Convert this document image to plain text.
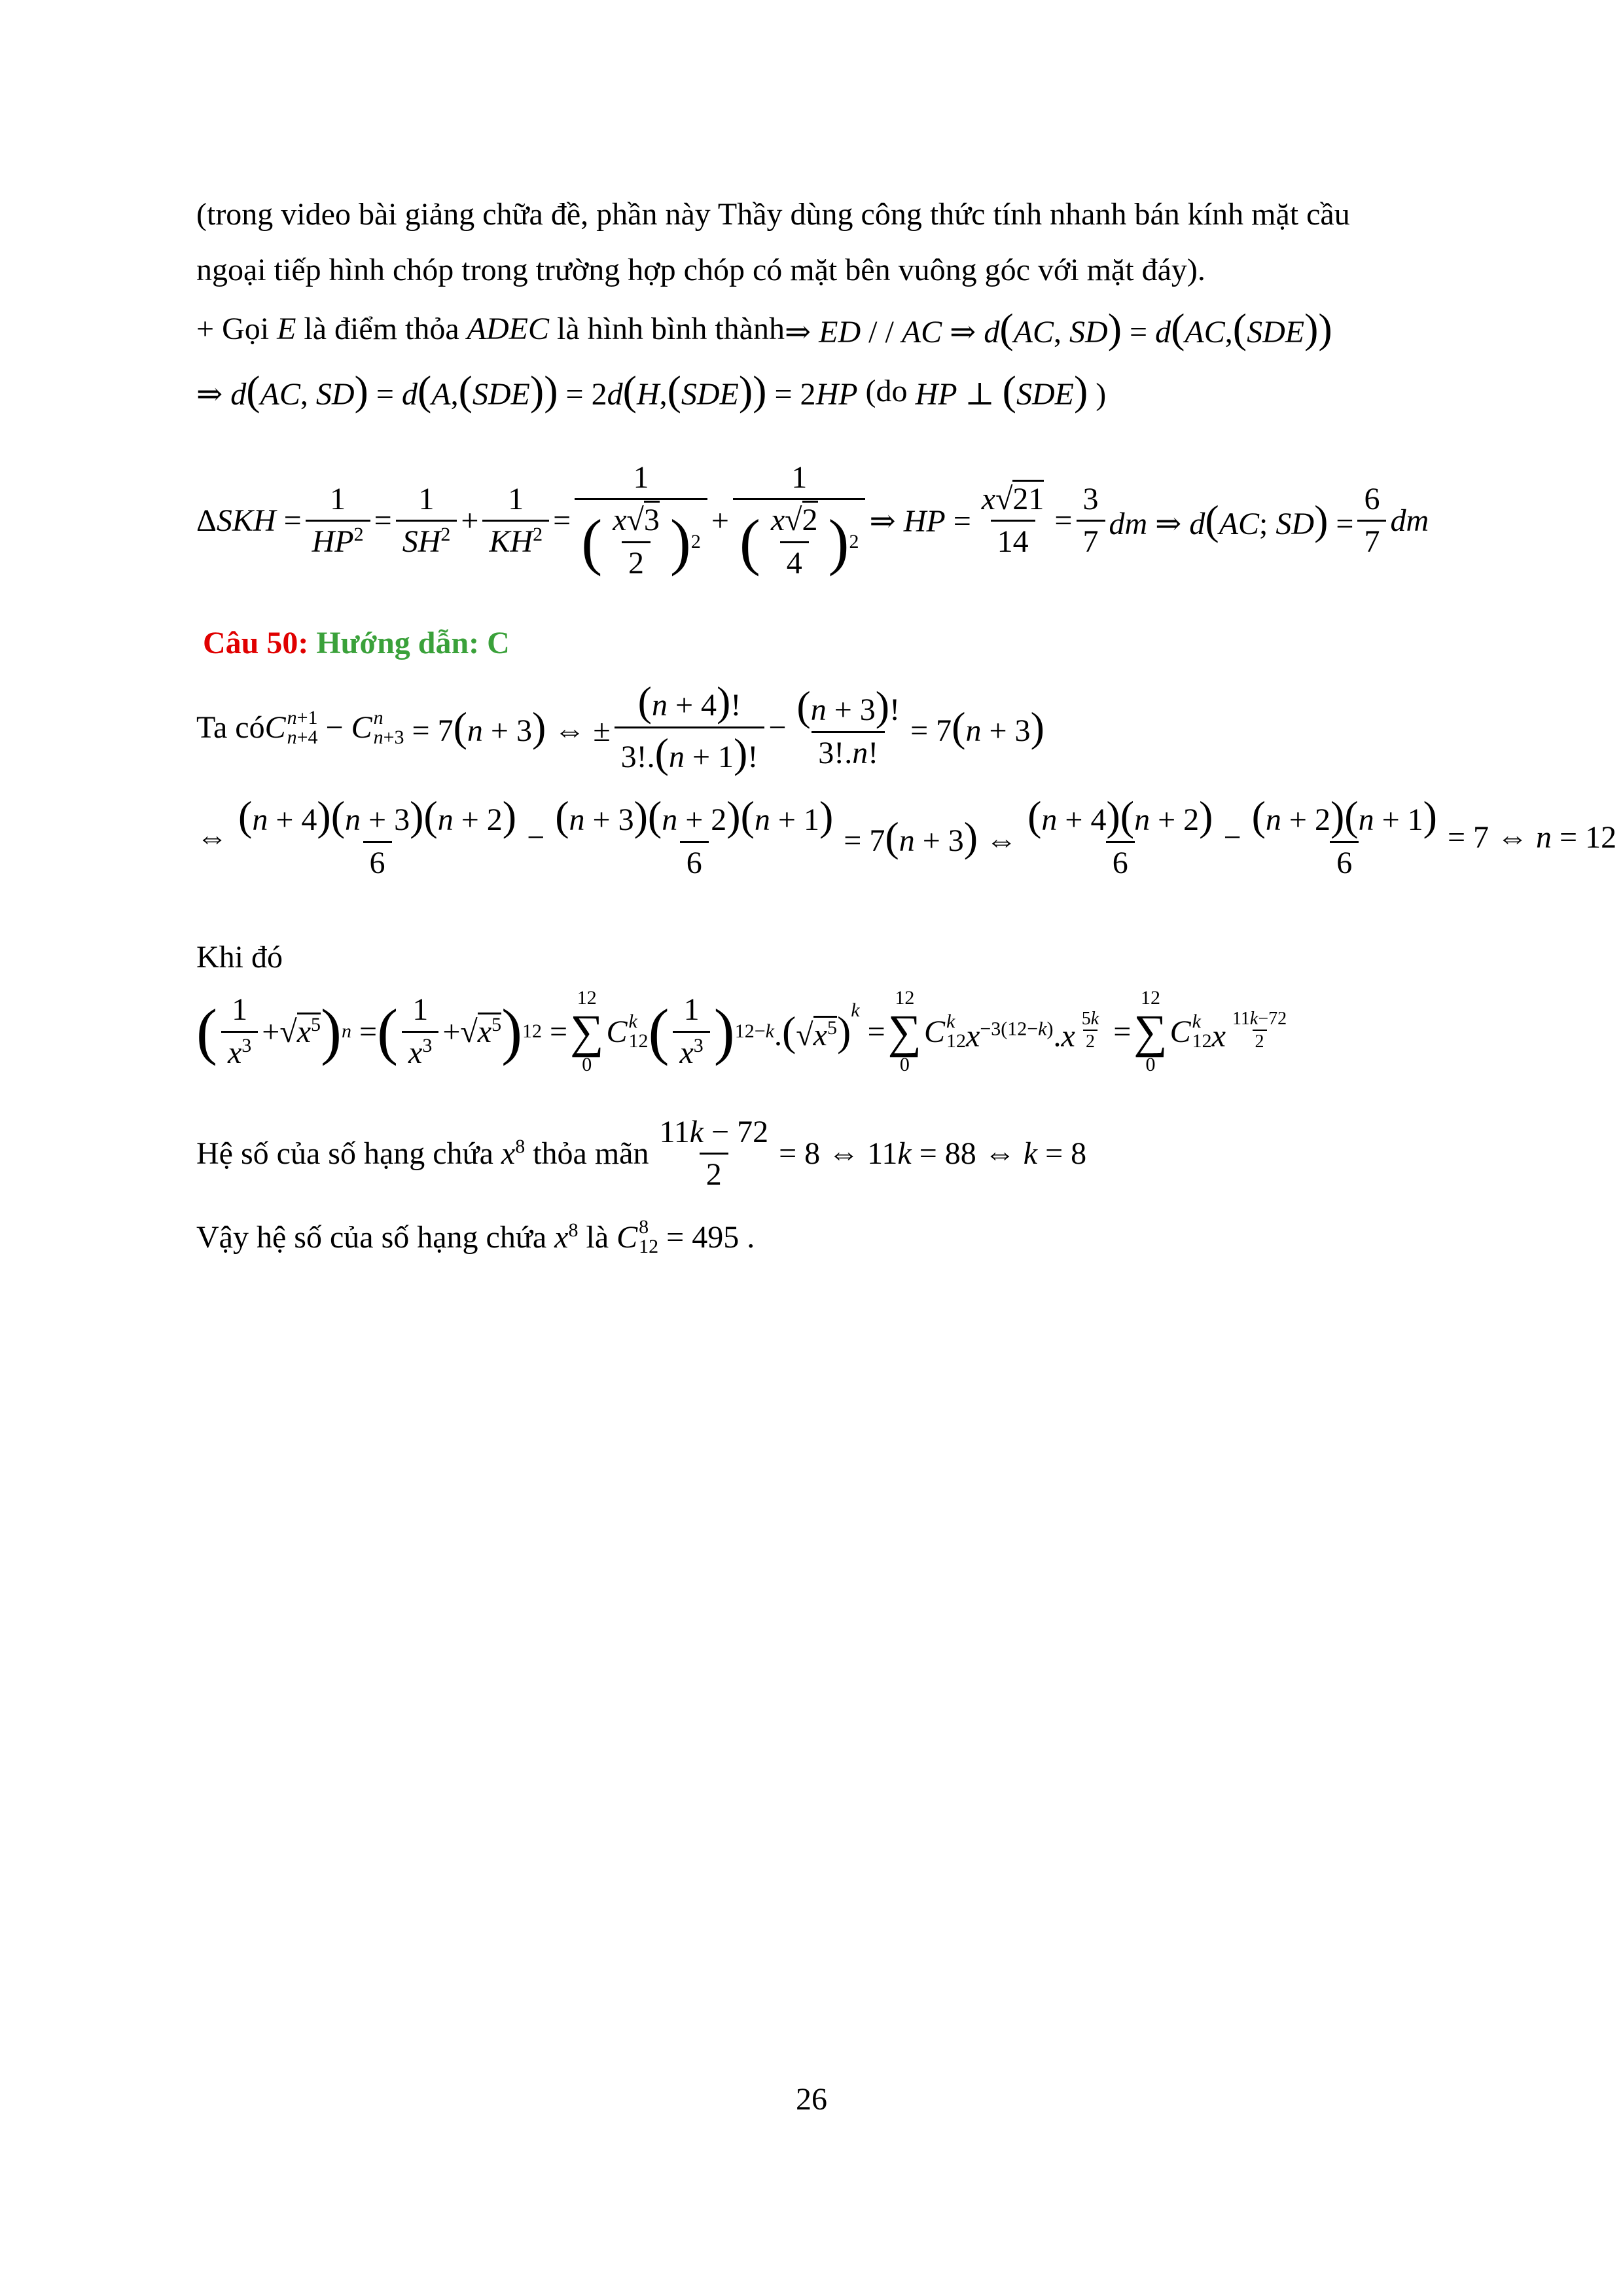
(trong video bài giảng chữa đề, phần này Thầy dùng công thức tính nhanh bán kính mặt cầu
ngoại tiếp hình chóp trong trường hợp chóp có mặt bên vuông góc với mặt đáy).
+ Gọi
E
là điểm thỏa
ADEC
là hình bình thành ⇒ ED / / AC ⇒ d(AC, SD) = d(AC,(SDE))
⇒ d(AC, SD) = d(A,(SDE)) = 2d(H,(SDE)) = 2HP
(do
HP ⊥ (SDE) )
$\Delta SKH = \frac{1}{HP^2} = \frac{1}{SH^2} + \frac{1}{KH^2} = \frac{1}{( \frac{x√3}{2} ) 2} + \frac{1}{( \frac{x√2}{4} ) 2}$ ⇒ HP = $\frac{x√21}{14} = \frac{3}{7}$ dm ⇒ d(AC; $SD) = \frac{6}{7}$ dm
Câu 50:
Hướng dẫn: C
Ta có C n+1
n+4 − C n
n+3 = 7(n + 3) ⇔ ± $\frac{(n + 4)!}{3!.(n + 1)!} - \frac{(n + 3)!}{3!.n!} = 7(n + 3)$
⇔ $\frac{(n + 4)(n + 3)(n + 2)}{6} - \frac{(n + 3)(n + 2)(n + 1)}{6} = 7(n + 3)$ ⇔ $\frac{(n + 4)(n + 2)}{6} - \frac{(n + 2)(n + 1)}{6} = 7$ ⇔ n = 12
Khi đó
( $\frac{1}{x^3} +√x^5$ ) n = ( $\frac{1}{x^3} +√x^5$ ) 12 =
12
∑
0
C k
12 ( $\frac{1}{x^3}$ ) 12−k $.(√x^5)^k$
=
12
∑
0
C k
12 $x^{-3(12-k)}.x$ $^{\frac{5k}{2}}$ =
12
∑
0
C k
12 x $^{\frac{11k-72}{2}}$
Hệ số của số hạng chứa
$x^8$
thỏa mãn $\frac{11k - 72}{2} = 8$ ⇔ 11k = 88 ⇔ k = 8
Vậy hệ số của số hạng chứa
$x^8$
là
C 8
12 = 495
.
26
